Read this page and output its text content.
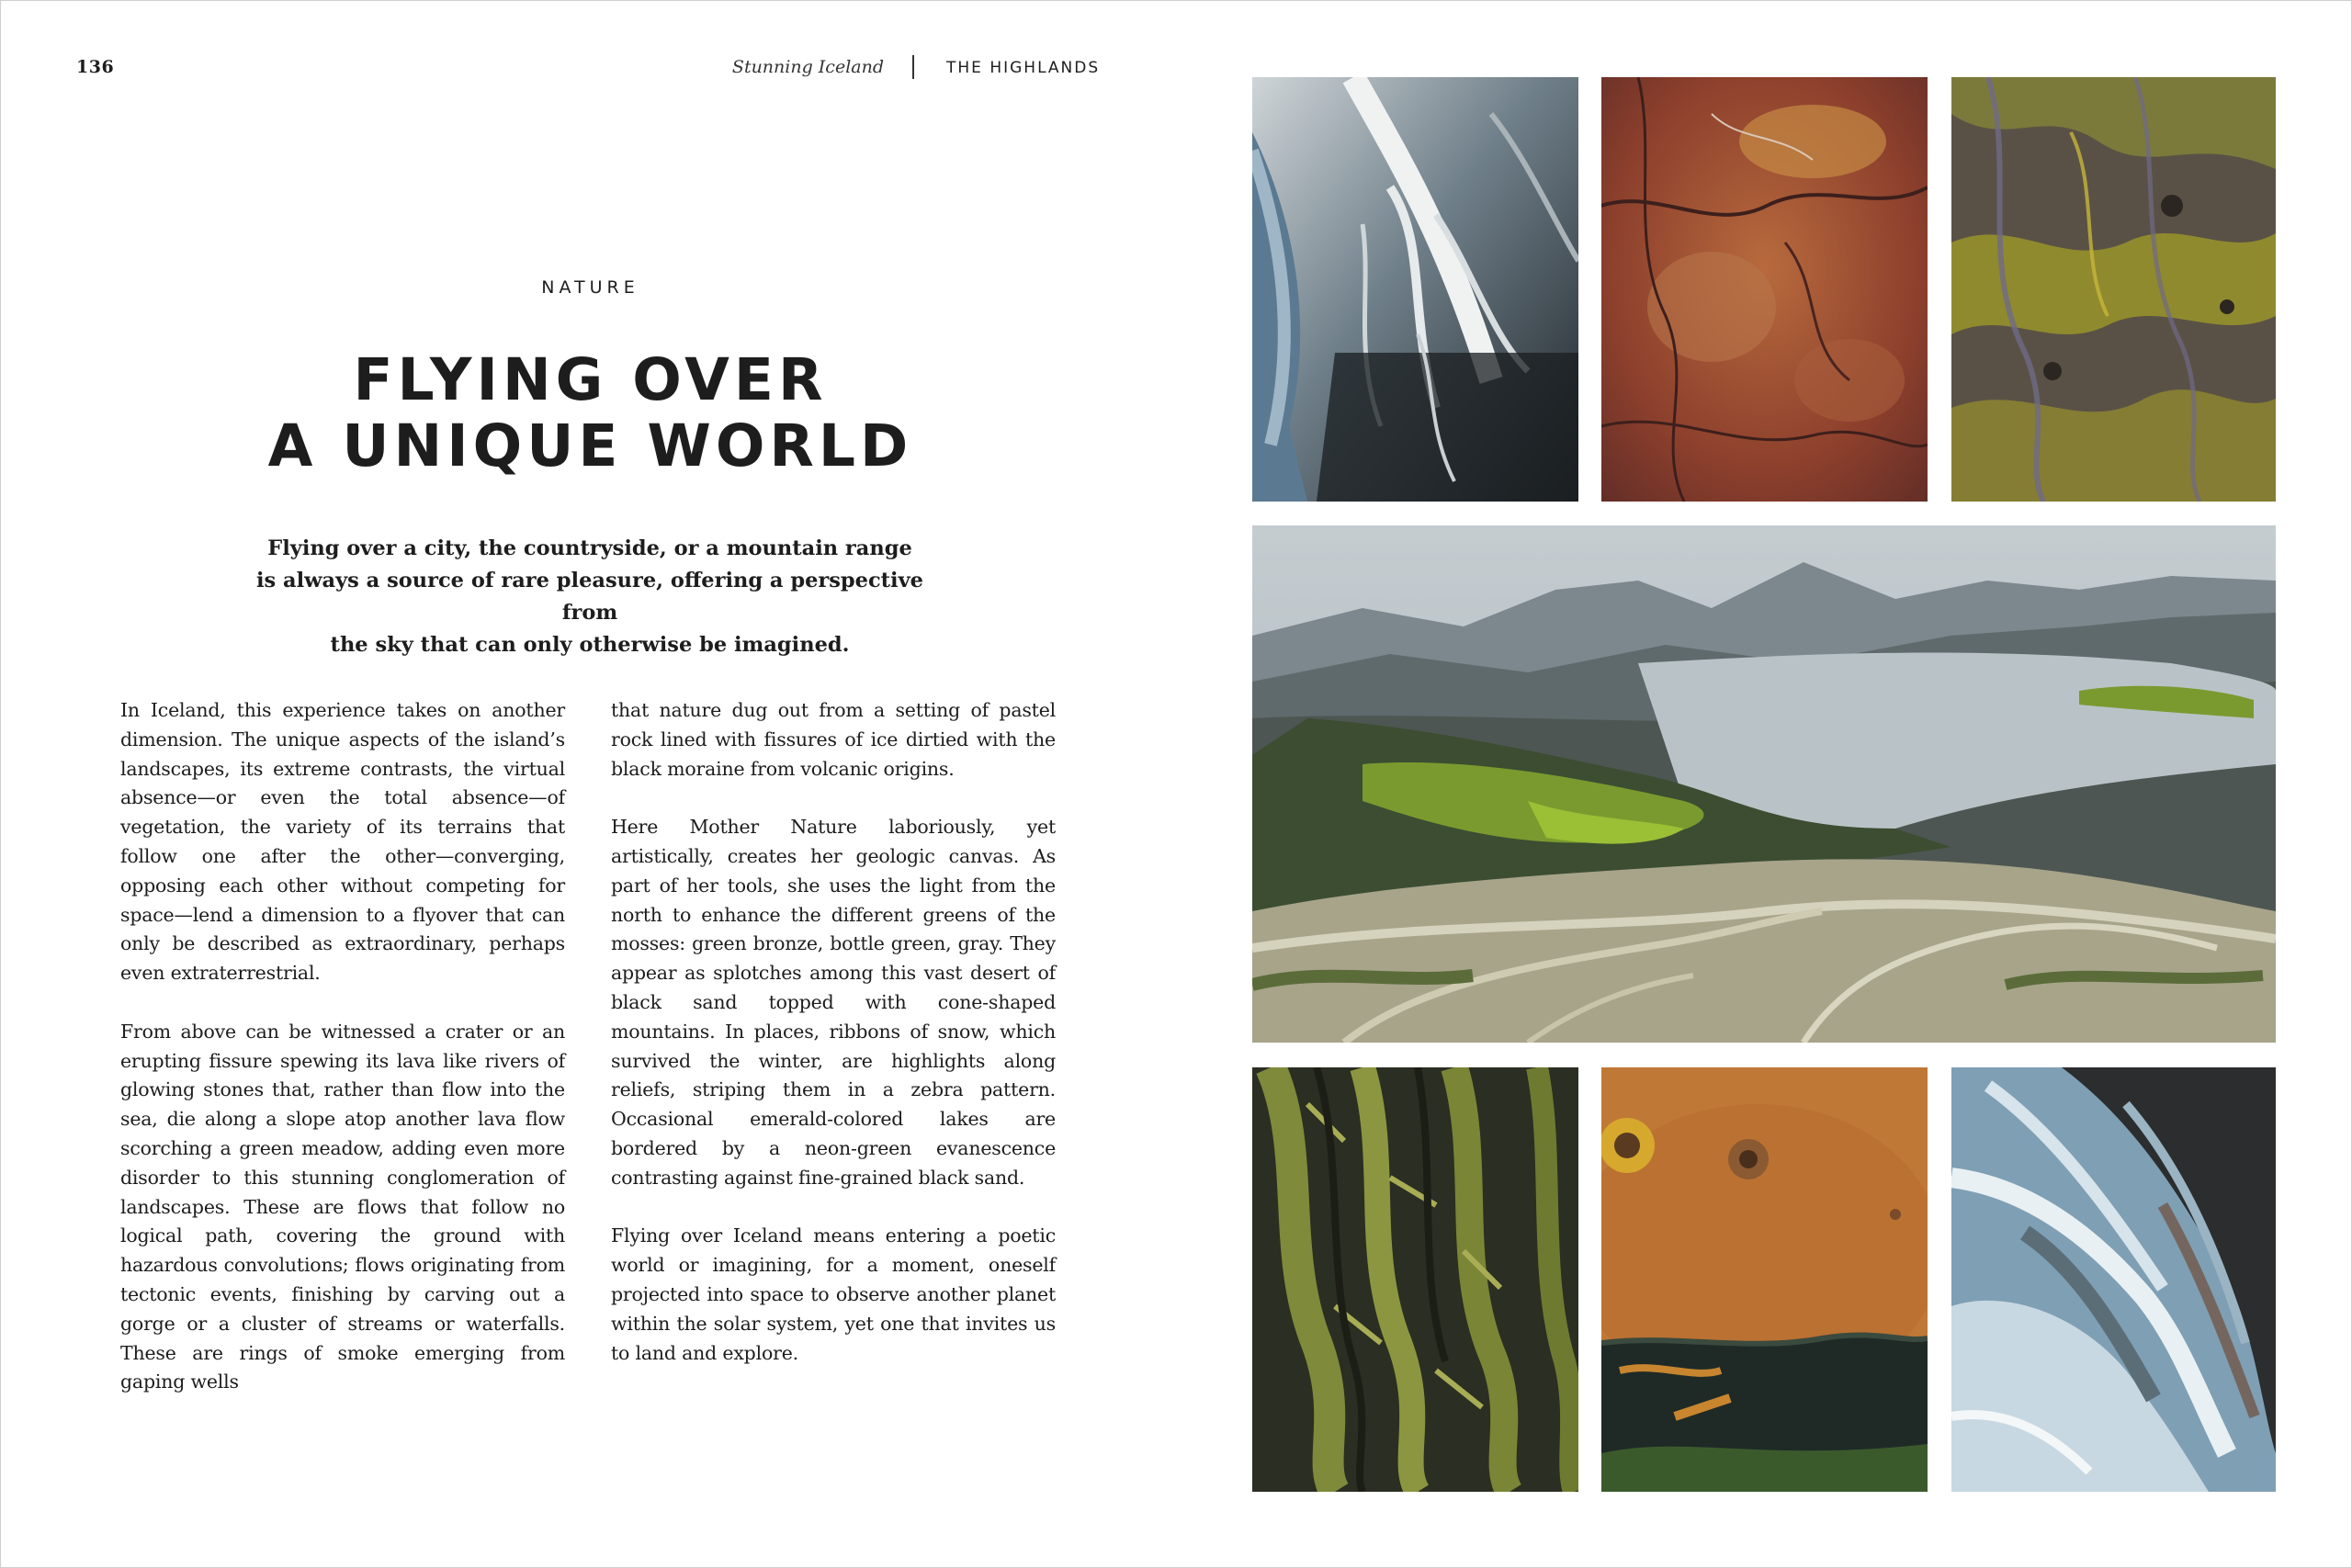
136	Stunning Iceland	THE HIGHLANDS
NATURE
FLYING OVER
A UNIQUE WORLD
Flying over a city, the countryside, or a mountain range
is always a source of rare pleasure, offering a perspective from
the sky that can only otherwise be imagined.

In Iceland, this experience takes on another dimension. The unique aspects of the island’s landscapes, its extreme contrasts, the virtual absence—or even the total absence—of vegetation, the variety of its terrains that follow one after the other—converging, opposing each other without competing for space—lend a dimension to a flyover that can only be described as extraordinary, perhaps even extraterrestrial.

From above can be witnessed a crater or an erupting fissure spewing its lava like rivers of glowing stones that, rather than flow into the sea, die along a slope atop another lava flow scorching a green meadow, adding even more disorder to this stunning conglomeration of landscapes. These are flows that follow no logical path, covering the ground with hazardous convolutions; flows originating from tectonic events, finishing by carving out a gorge or a cluster of streams or waterfalls. These are rings of smoke emerging from gaping wells

that nature dug out from a setting of pastel rock lined with fissures of ice dirtied with the black moraine from volcanic origins.

Here Mother Nature laboriously, yet artistically, creates her geologic canvas. As part of her tools, she uses the light from the north to enhance the different greens of the mosses: green bronze, bottle green, gray. They appear as splotches among this vast desert of black sand topped with cone-shaped mountains. In places, ribbons of snow, which survived the winter, are highlights along reliefs, striping them in a zebra pattern. Occasional emerald-colored lakes are bordered by a neon-green evanescence contrasting against fine-grained black sand.

Flying over Iceland means entering a poetic world or imagining, for a moment, oneself projected into space to observe another planet within the solar system, yet one that invites us to land and explore.
